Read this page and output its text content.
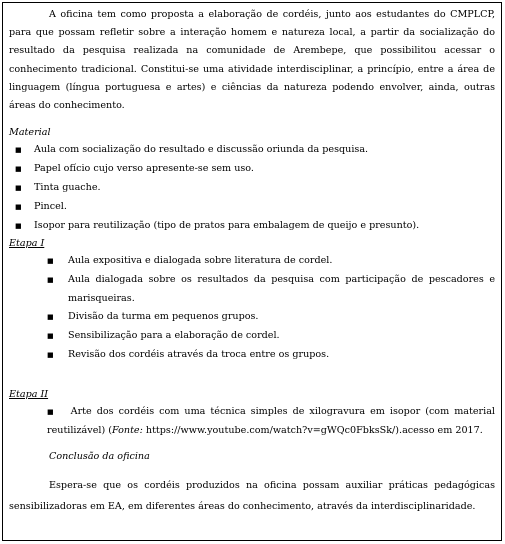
A oficina tem como proposta a elaboração de cordéis, junto aos estudantes do CMPLCP, para que possam refletir sobre a interação homem e natureza local, a partir da socialização do resultado da pesquisa realizada na comunidade de Arembepe, que possibilitou acessar o conhecimento tradicional. Constitui-se uma atividade interdisciplinar, a princípio, entre a área de linguagem (língua portuguesa e artes) e ciências da natureza podendo envolver, ainda, outras áreas do conhecimento.

Material

■ Aula com socialização do resultado e discussão oriunda da pesquisa.
■ Papel ofício cujo verso apresente-se sem uso.
■ Tinta guache.
■ Pincel.
■ Isopor para reutilização (tipo de pratos para embalagem de queijo e presunto).

Etapa I

■ Aula expositiva e dialogada sobre literatura de cordel.
■ Aula dialogada sobre os resultados da pesquisa com participação de pescadores e marisqueiras.
■ Divisão da turma em pequenos grupos.
■ Sensibilização para a elaboração de cordel.
■ Revisão dos cordéis através da troca entre os grupos.

Etapa II

■ Arte dos cordéis com uma técnica simples de xilogravura em isopor (com material reutilizável) (Fonte: https://www.youtube.com/watch?v=gWQc0FbksSk/).acesso em 2017.

Conclusão da oficina

Espera-se que os cordéis produzidos na oficina possam auxiliar práticas pedagógicas sensibilizadoras em EA, em diferentes áreas do conhecimento, através da interdisciplinaridade.
